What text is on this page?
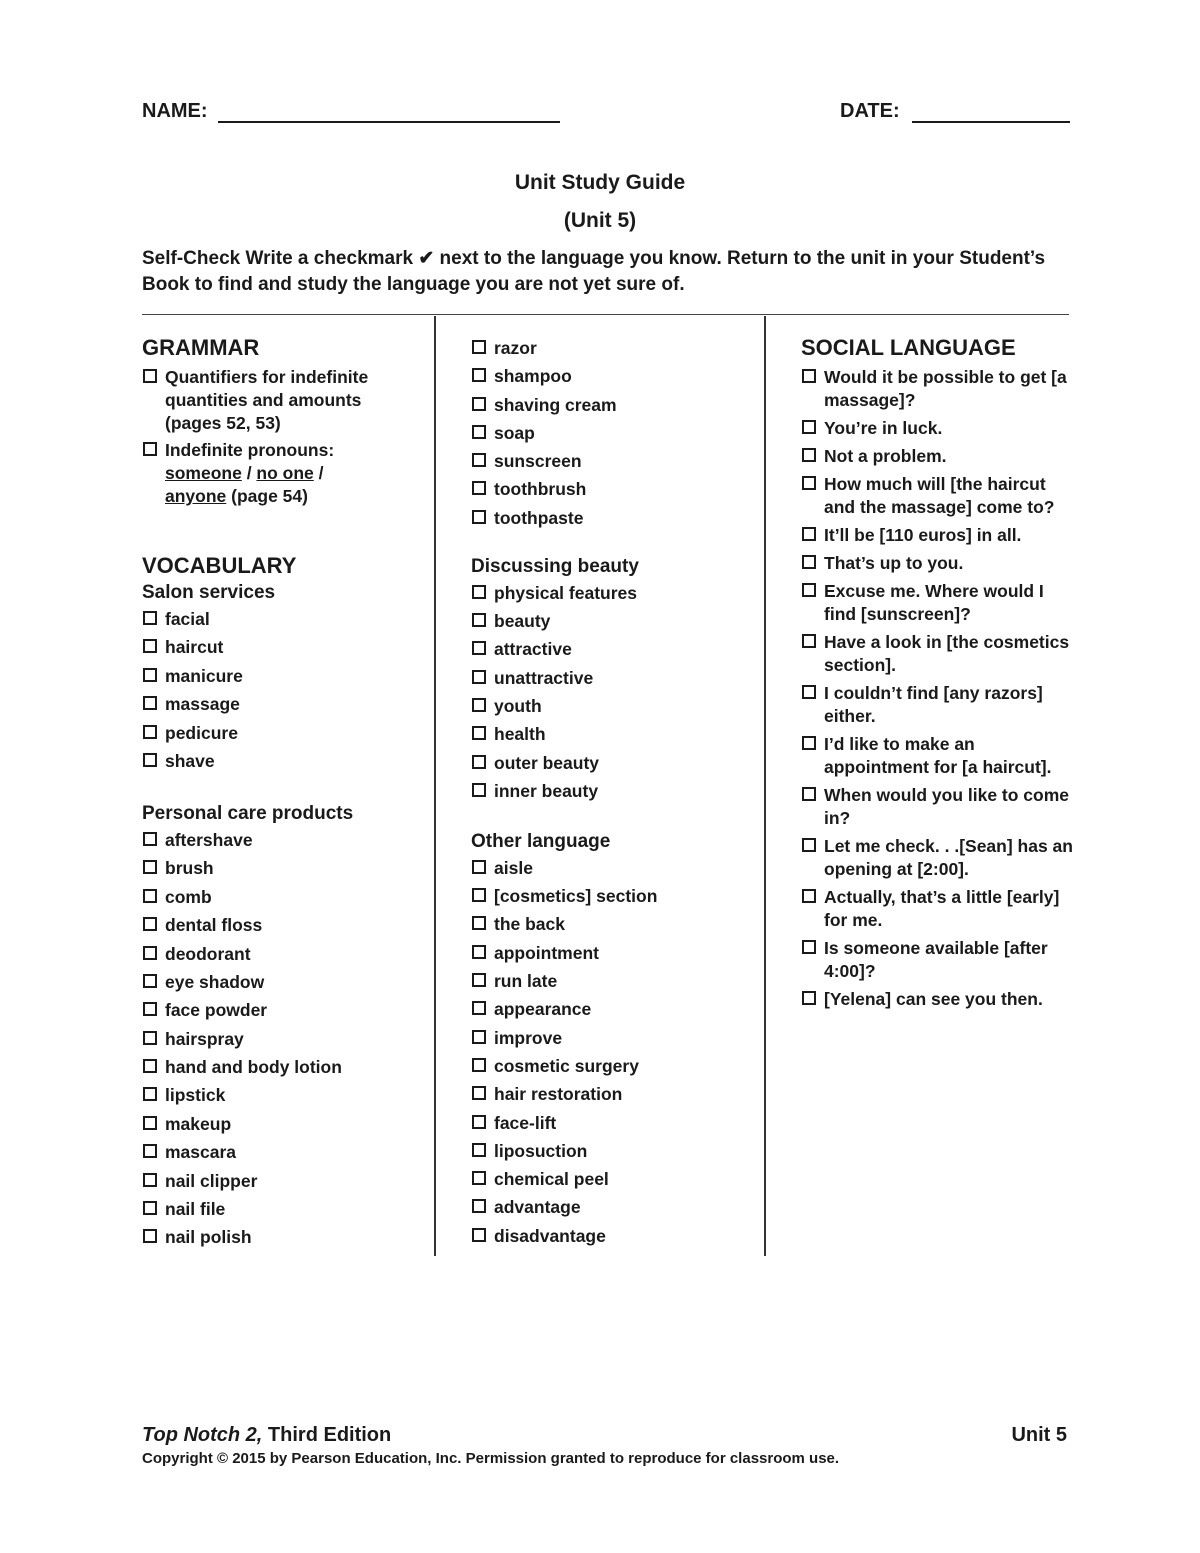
NAME:	DATE:
Unit Study Guide
(Unit 5)
Self-Check Write a checkmark ✔ next to the language you know. Return to the unit in your Student’s Book to find and study the language you are not yet sure of.

GRAMMAR

Quantifiers for indefinite quantities and amounts (pages 52, 53)
Indefinite pronouns:
someone / no one /
anyone (page 54)

VOCABULARY

Salon services

facial
haircut
manicure
massage
pedicure
shave

Personal care products

aftershave
brush
comb
dental floss
deodorant
eye shadow
face powder
hairspray
hand and body lotion
lipstick
makeup
mascara
nail clipper
nail file
nail polish
razor
shampoo
shaving cream
soap
sunscreen
toothbrush
toothpaste

Discussing beauty

physical features
beauty
attractive
unattractive
youth
health
outer beauty
inner beauty

Other language

aisle
[cosmetics] section
the back
appointment
run late
appearance
improve
cosmetic surgery
hair restoration
face-lift
liposuction
chemical peel
advantage
disadvantage

SOCIAL LANGUAGE

Would it be possible to get [a massage]?
You’re in luck.
Not a problem.
How much will [the haircut and the massage] come to?
It’ll be [110 euros] in all.
That’s up to you.
Excuse me. Where would I find [sunscreen]?
Have a look in [the cosmetics section].
I couldn’t find [any razors] either.
I’d like to make an appointment for [a haircut].
When would you like to come in?
Let me check. . .[Sean] has an opening at [2:00].
Actually, that’s a little [early] for me.
Is someone available [after 4:00]?
[Yelena] can see you then.
Top Notch 2, Third Edition	Unit 5
Copyright © 2015 by Pearson Education, Inc. Permission granted to reproduce for classroom use.
